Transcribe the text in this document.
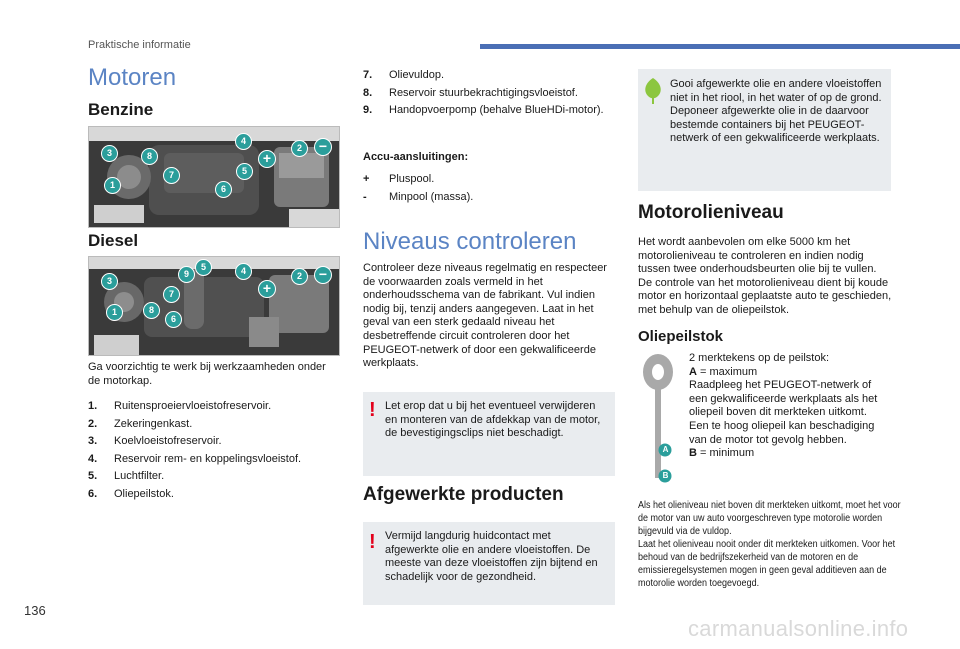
Praktische informatie
Motoren
Benzine
3	8
1
7
6
4
5
2
+
−
Diesel
3
9
5	4
7
1	8
6
2
+
−
Ga voorzichtig te werk bij werkzaamheden onder de motorkap.
1. Ruitensproeiervloeistofreservoir.
2. Zekeringenkast.
3. Koelvloeistofreservoir.
4. Reservoir rem- en koppelingsvloeistof.
5. Luchtfilter.
6. Oliepeilstok.
7. Olievuldop.
8. Reservoir stuurbekrachtigingsvloeistof.
9. Handopvoerpomp (behalve BlueHDi-motor).
Accu-aansluitingen:
+ Pluspool.
- Minpool (massa).
Niveaus controleren
Controleer deze niveaus regelmatig en respecteer de voorwaarden zoals vermeld in het onderhoudsschema van de fabrikant. Vul indien nodig bij, tenzij anders aangegeven. Laat in het geval van een sterk gedaald niveau het desbetreffende circuit controleren door het PEUGEOT-netwerk of door een gekwalificeerde werkplaats.
! Let erop dat u bij het eventueel verwijderen en monteren van de afdekkap van de motor, de bevestigingsclips niet beschadigt.
Afgewerkte producten
! Vermijd langdurig huidcontact met afgewerkte olie en andere vloeistoffen. De meeste van deze vloeistoffen zijn bijtend en schadelijk voor de gezondheid.
Gooi afgewerkte olie en andere vloeistoffen niet in het riool, in het water of op de grond.
Deponeer afgewerkte olie in de daarvoor bestemde containers bij het PEUGEOT-netwerk of een gekwalificeerde werkplaats.
Motorolieniveau
Het wordt aanbevolen om elke 5000 km het motorolieniveau te controleren en indien nodig tussen twee onderhoudsbeurten olie bij te vullen. De controle van het motorolieniveau dient bij koude motor en horizontaal geplaatste auto te geschieden, met behulp van de oliepeilstok.
Oliepeilstok
A
B
2 merktekens op de peilstok:
A = maximum
Raadpleeg het PEUGEOT-netwerk of een gekwalificeerde werkplaats als het oliepeil boven dit merkteken uitkomt. Een te hoog oliepeil kan beschadiging van de motor tot gevolg hebben.
B = minimum
Als het olieniveau niet boven dit merkteken uitkomt, moet het voor de motor van uw auto voorgeschreven type motorolie worden bijgevuld via de vuldop.
Laat het olieniveau nooit onder dit merkteken uitkomen. Voor het behoud van de bedrijfszekerheid van de motoren en de emissieregelsystemen mogen in geen geval additieven aan de motorolie worden toegevoegd.
136
carmanualsonline.info
